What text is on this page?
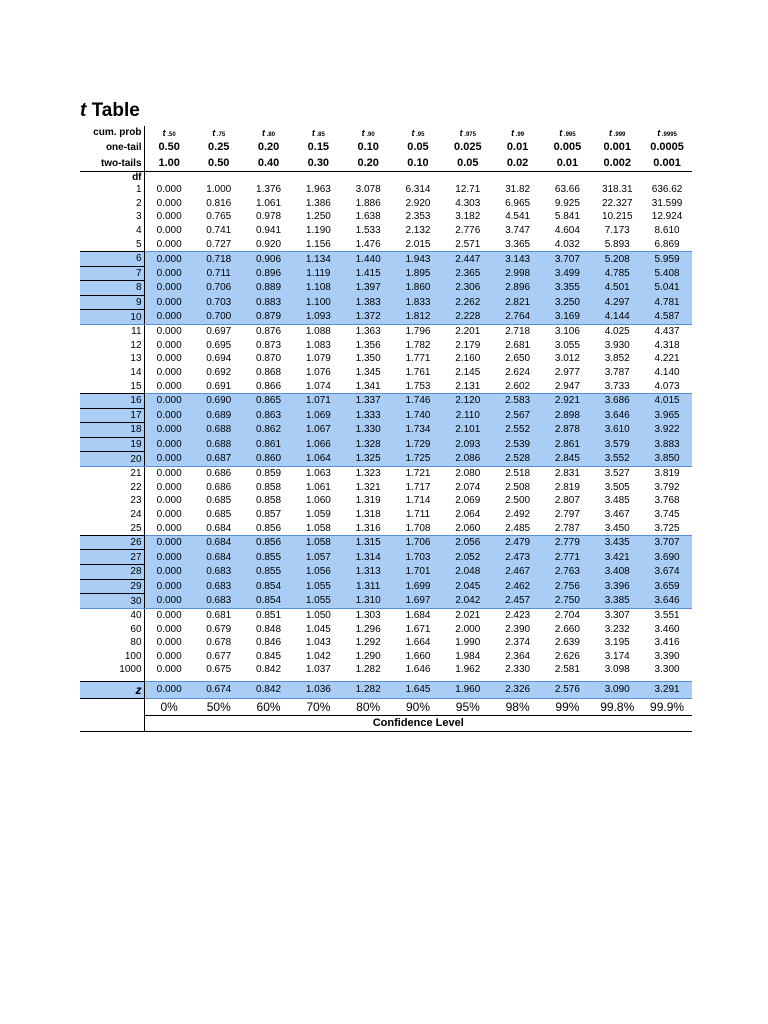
t Table
cum. prob	t .50	t .75	t .80	t .85	t .90	t .95	t .975	t .99	t .995	t .999	t .9995
one-tail	0.50	0.25	0.20	0.15	0.10	0.05	0.025	0.01	0.005	0.001	0.0005
two-tails	1.00	0.50	0.40	0.30	0.20	0.10	0.05	0.02	0.01	0.002	0.001
df											
1	0.000	1.000	1.376	1.963	3.078	6.314	12.71	31.82	63.66	318.31	636.62
2	0.000	0.816	1.061	1.386	1.886	2.920	4.303	6.965	9.925	22.327	31.599
3	0.000	0.765	0.978	1.250	1.638	2.353	3.182	4.541	5.841	10.215	12.924
4	0.000	0.741	0.941	1.190	1.533	2.132	2.776	3.747	4.604	7.173	8.610
5	0.000	0.727	0.920	1.156	1.476	2.015	2.571	3.365	4.032	5.893	6.869
6	0.000	0.718	0.906	1.134	1.440	1.943	2.447	3.143	3.707	5.208	5.959
7	0.000	0.711	0.896	1.119	1.415	1.895	2.365	2.998	3.499	4.785	5.408
8	0.000	0.706	0.889	1.108	1.397	1.860	2.306	2.896	3.355	4.501	5.041
9	0.000	0.703	0.883	1.100	1.383	1.833	2.262	2.821	3.250	4.297	4.781
10	0.000	0.700	0.879	1.093	1.372	1.812	2.228	2.764	3.169	4.144	4.587
11	0.000	0.697	0.876	1.088	1.363	1.796	2.201	2.718	3.106	4.025	4.437
12	0.000	0.695	0.873	1.083	1.356	1.782	2.179	2.681	3.055	3.930	4.318
13	0.000	0.694	0.870	1.079	1.350	1.771	2.160	2.650	3.012	3.852	4.221
14	0.000	0.692	0.868	1.076	1.345	1.761	2.145	2.624	2.977	3.787	4.140
15	0.000	0.691	0.866	1.074	1.341	1.753	2.131	2.602	2.947	3.733	4.073
16	0.000	0.690	0.865	1.071	1.337	1.746	2.120	2.583	2.921	3.686	4.015
17	0.000	0.689	0.863	1.069	1.333	1.740	2.110	2.567	2.898	3.646	3.965
18	0.000	0.688	0.862	1.067	1.330	1.734	2.101	2.552	2.878	3.610	3.922
19	0.000	0.688	0.861	1.066	1.328	1.729	2.093	2.539	2.861	3.579	3.883
20	0.000	0.687	0.860	1.064	1.325	1.725	2.086	2.528	2.845	3.552	3.850
21	0.000	0.686	0.859	1.063	1.323	1.721	2.080	2.518	2.831	3.527	3.819
22	0.000	0.686	0.858	1.061	1.321	1.717	2.074	2.508	2.819	3.505	3.792
23	0.000	0.685	0.858	1.060	1.319	1.714	2.069	2.500	2.807	3.485	3.768
24	0.000	0.685	0.857	1.059	1.318	1.711	2.064	2.492	2.797	3.467	3.745
25	0.000	0.684	0.856	1.058	1.316	1.708	2.060	2.485	2.787	3.450	3.725
26	0.000	0.684	0.856	1.058	1.315	1.706	2.056	2.479	2.779	3.435	3.707
27	0.000	0.684	0.855	1.057	1.314	1.703	2.052	2.473	2.771	3.421	3.690
28	0.000	0.683	0.855	1.056	1.313	1.701	2.048	2.467	2.763	3.408	3.674
29	0.000	0.683	0.854	1.055	1.311	1.699	2.045	2.462	2.756	3.396	3.659
30	0.000	0.683	0.854	1.055	1.310	1.697	2.042	2.457	2.750	3.385	3.646
40	0.000	0.681	0.851	1.050	1.303	1.684	2.021	2.423	2.704	3.307	3.551
60	0.000	0.679	0.848	1.045	1.296	1.671	2.000	2.390	2.660	3.232	3.460
80	0.000	0.678	0.846	1.043	1.292	1.664	1.990	2.374	2.639	3.195	3.416
100	0.000	0.677	0.845	1.042	1.290	1.660	1.984	2.364	2.626	3.174	3.390
1000	0.000	0.675	0.842	1.037	1.282	1.646	1.962	2.330	2.581	3.098	3.300

z	0.000	0.674	0.842	1.036	1.282	1.645	1.960	2.326	2.576	3.090	3.291
	0%	50%	60%	70%	80%	90%	95%	98%	99%	99.8%	99.9%
	Confidence Level										
